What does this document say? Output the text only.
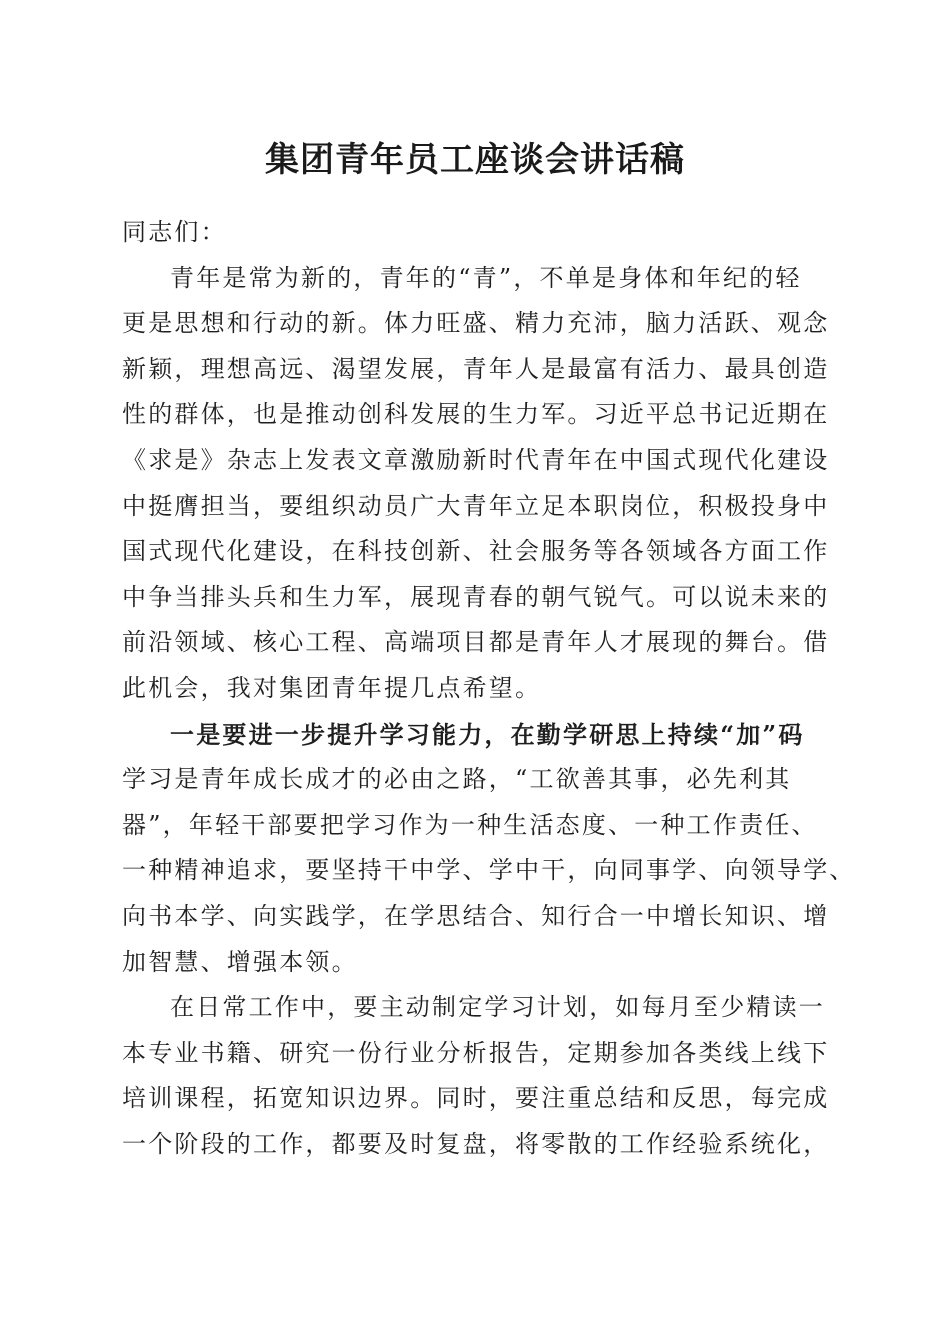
集团青年员工座谈会讲话稿
同志们：
青年是常为新的，青年的“青”，不单是身体和年纪的轻
更是思想和行动的新。体力旺盛、精力充沛，脑力活跃、观念
新颖，理想高远、渴望发展，青年人是最富有活力、最具创造
性的群体，也是推动创科发展的生力军。习近平总书记近期在
《求是》杂志上发表文章激励新时代青年在中国式现代化建设
中挺膺担当，要组织动员广大青年立足本职岗位，积极投身中
国式现代化建设，在科技创新、社会服务等各领域各方面工作
中争当排头兵和生力军，展现青春的朝气锐气。可以说未来的
前沿领域、核心工程、高端项目都是青年人才展现的舞台。借
此机会，我对集团青年提几点希望。
一是要进一步提升学习能力，在勤学研思上持续“加”码
学习是青年成长成才的必由之路，“工欲善其事，必先利其
器”，年轻干部要把学习作为一种生活态度、一种工作责任、
一种精神追求，要坚持干中学、学中干，向同事学、向领导学、
向书本学、向实践学，在学思结合、知行合一中增长知识、增
加智慧、增强本领。
在日常工作中，要主动制定学习计划，如每月至少精读一
本专业书籍、研究一份行业分析报告，定期参加各类线上线下
培训课程，拓宽知识边界。同时，要注重总结和反思，每完成
一个阶段的工作，都要及时复盘，将零散的工作经验系统化，
